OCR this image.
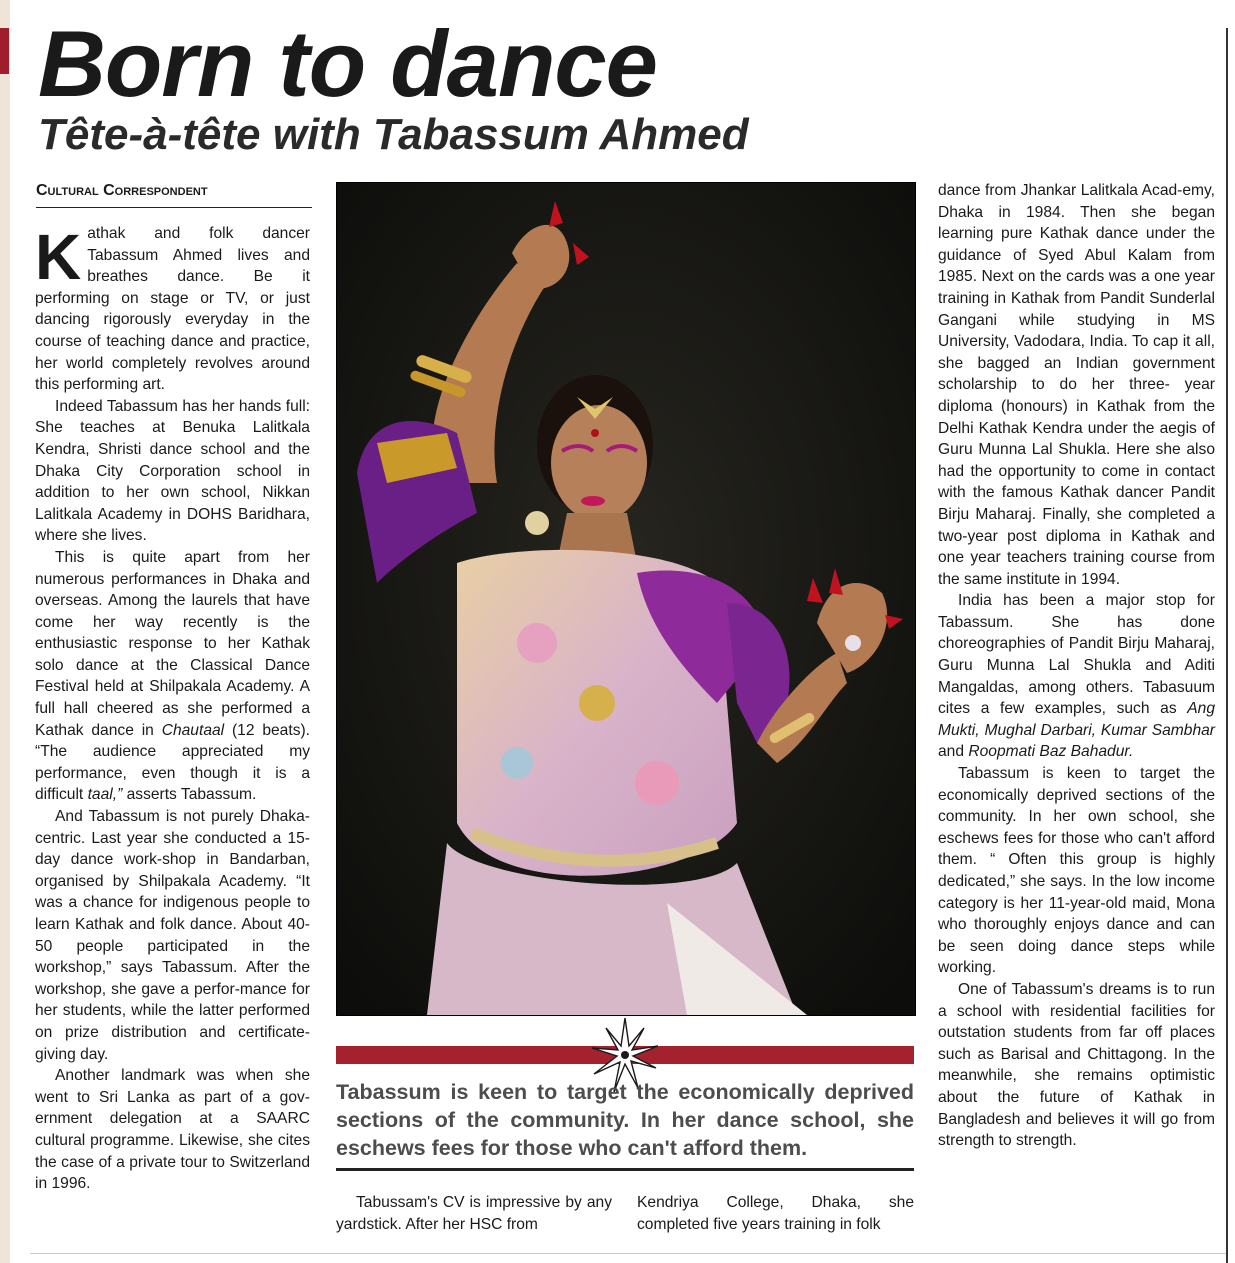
Born to dance
Tête-à-tête with Tabassum Ahmed
Cultural Correspondent

Kathak and folk dancer Tabassum Ahmed lives and breathes dance. Be it performing on stage or TV, or just dancing rigorously everyday in the course of teaching dance and practice, her world completely revolves around this performing art.

Indeed Tabassum has her hands full: She teaches at Benuka Lalitkala Kendra, Shristi dance school and the Dhaka City Corporation school in addition to her own school, Nikkan Lalitkala Academy in DOHS Baridhara, where she lives.

This is quite apart from her numerous performances in Dhaka and overseas. Among the laurels that have come her way recently is the enthusiastic response to her Kathak solo dance at the Classical Dance Festival held at Shilpakala Academy. A full hall cheered as she performed a Kathak dance in Chautaal (12 beats). “The audience appreciated my performance, even though it is a difficult taal,” asserts Tabassum.

And Tabassum is not purely Dhaka-centric. Last year she conducted a 15-day dance work-shop in Bandarban, organised by Shilpakala Academy. “It was a chance for indigenous people to learn Kathak and folk dance. About 40-50 people participated in the workshop,” says Tabassum. After the workshop, she gave a perfor-mance for her students, while the latter performed on prize distribution and certificate-giving day.

Another landmark was when she went to Sri Lanka as part of a gov-ernment delegation at a SAARC cultural programme. Likewise, she cites the case of a private tour to Switzerland in 1996.

Tabassum is keen to target the economically deprived sections of the community. In her dance school, she eschews fees for those who can't afford them.

Tabussam's CV is impressive by any yardstick. After her HSC from

Kendriya College, Dhaka, she completed five years training in folk

dance from Jhankar Lalitkala Acad-emy, Dhaka in 1984. Then she began learning pure Kathak dance under the guidance of Syed Abul Kalam from 1985. Next on the cards was a one year training in Kathak from Pandit Sunderlal Gangani while studying in MS University, Vadodara, India. To cap it all, she bagged an Indian government scholarship to do her three- year diploma (honours) in Kathak from the Delhi Kathak Kendra under the aegis of Guru Munna Lal Shukla. Here she also had the opportunity to come in contact with the famous Kathak dancer Pandit Birju Maharaj. Finally, she completed a two-year post diploma in Kathak and one year teachers training course from the same institute in 1994.

India has been a major stop for Tabassum. She has done choreographies of Pandit Birju Maharaj, Guru Munna Lal Shukla and Aditi Mangaldas, among others. Tabasuum cites a few examples, such as Ang Mukti, Mughal Darbari, Kumar Sambhar and Roopmati Baz Bahadur.

Tabassum is keen to target the economically deprived sections of the community. In her own school, she eschews fees for those who can't afford them. “ Often this group is highly dedicated,” she says. In the low income category is her 11-year-old maid, Mona who thoroughly enjoys dance and can be seen doing dance steps while working.

One of Tabassum's dreams is to run a school with residential facilities for outstation students from far off places such as Barisal and Chittagong. In the meanwhile, she remains optimistic about the future of Kathak in Bangladesh and believes it will go from strength to strength.
